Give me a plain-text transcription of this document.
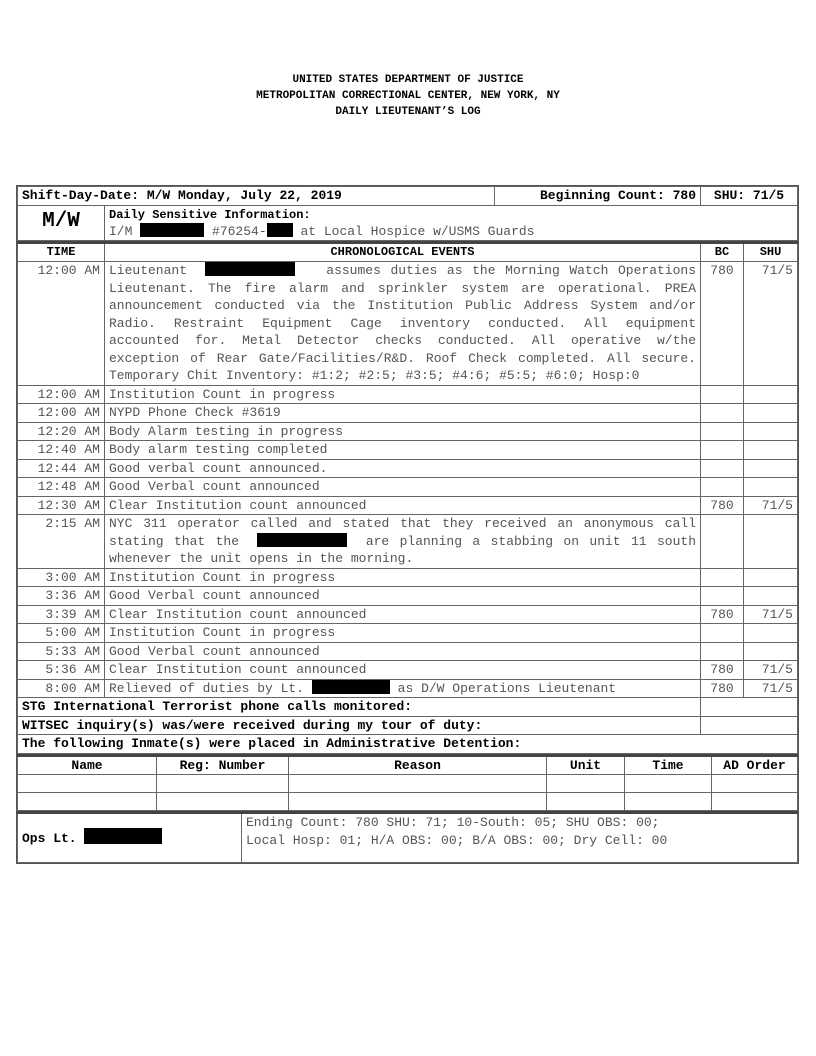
UNITED STATES DEPARTMENT OF JUSTICE
METROPOLITAN CORRECTIONAL CENTER, NEW YORK, NY
DAILY LIEUTENANT’S LOG
Shift-Day-Date: M/W Monday, July 22, 2019		Beginning Count: 780	SHU: 71/5
M/W	Daily Sensitive Information:
I/M #76254- at Local Hospice w/USMS Guards		
TIME	CHRONOLOGICAL EVENTS	BC	SHU
12:00 AM	Lieutenant assumes duties as the Morning Watch Operations Lieutenant. The fire alarm and sprinkler system are operational. PREA announcement conducted via the Institution Public Address System and/or Radio. Restraint Equipment Cage inventory conducted. All equipment accounted for. Metal Detector checks conducted. All operative w/the exception of Rear Gate/Facilities/R&D. Roof Check completed. All secure. Temporary Chit Inventory: #1:2; #2:5; #3:5; #4:6; #5:5; #6:0; Hosp:0	780	71/5
12:00 AM	Institution Count in progress		
12:00 AM	NYPD Phone Check #3619		
12:20 AM	Body Alarm testing in progress		
12:40 AM	Body alarm testing completed		
12:44 AM	Good verbal count announced.		
12:48 AM	Good Verbal count announced		
12:30 AM	Clear Institution count announced	780	71/5
2:15 AM	NYC 311 operator called and stated that they received an anonymous call stating that the are planning a stabbing on unit 11 south whenever the unit opens in the morning.		
3:00 AM	Institution Count in progress		
3:36 AM	Good Verbal count announced		
3:39 AM	Clear Institution count announced	780	71/5
5:00 AM	Institution Count in progress		
5:33 AM	Good Verbal count announced		
5:36 AM	Clear Institution count announced	780	71/5
8:00 AM	Relieved of duties by Lt. as D/W Operations Lieutenant	780	71/5
STG International Terrorist phone calls monitored:			
WITSEC inquiry(s) was/were received during my tour of duty:			
The following Inmate(s) were placed in Administrative Detention:			
Name	Reg: Number	Reason	Unit	Time	AD Order

Ops Lt.	
Ending Count: 780 SHU: 71; 10-South: 05; SHU OBS: 00;
Local Hosp: 01; H/A OBS: 00; B/A OBS: 00; Dry Cell: 00
